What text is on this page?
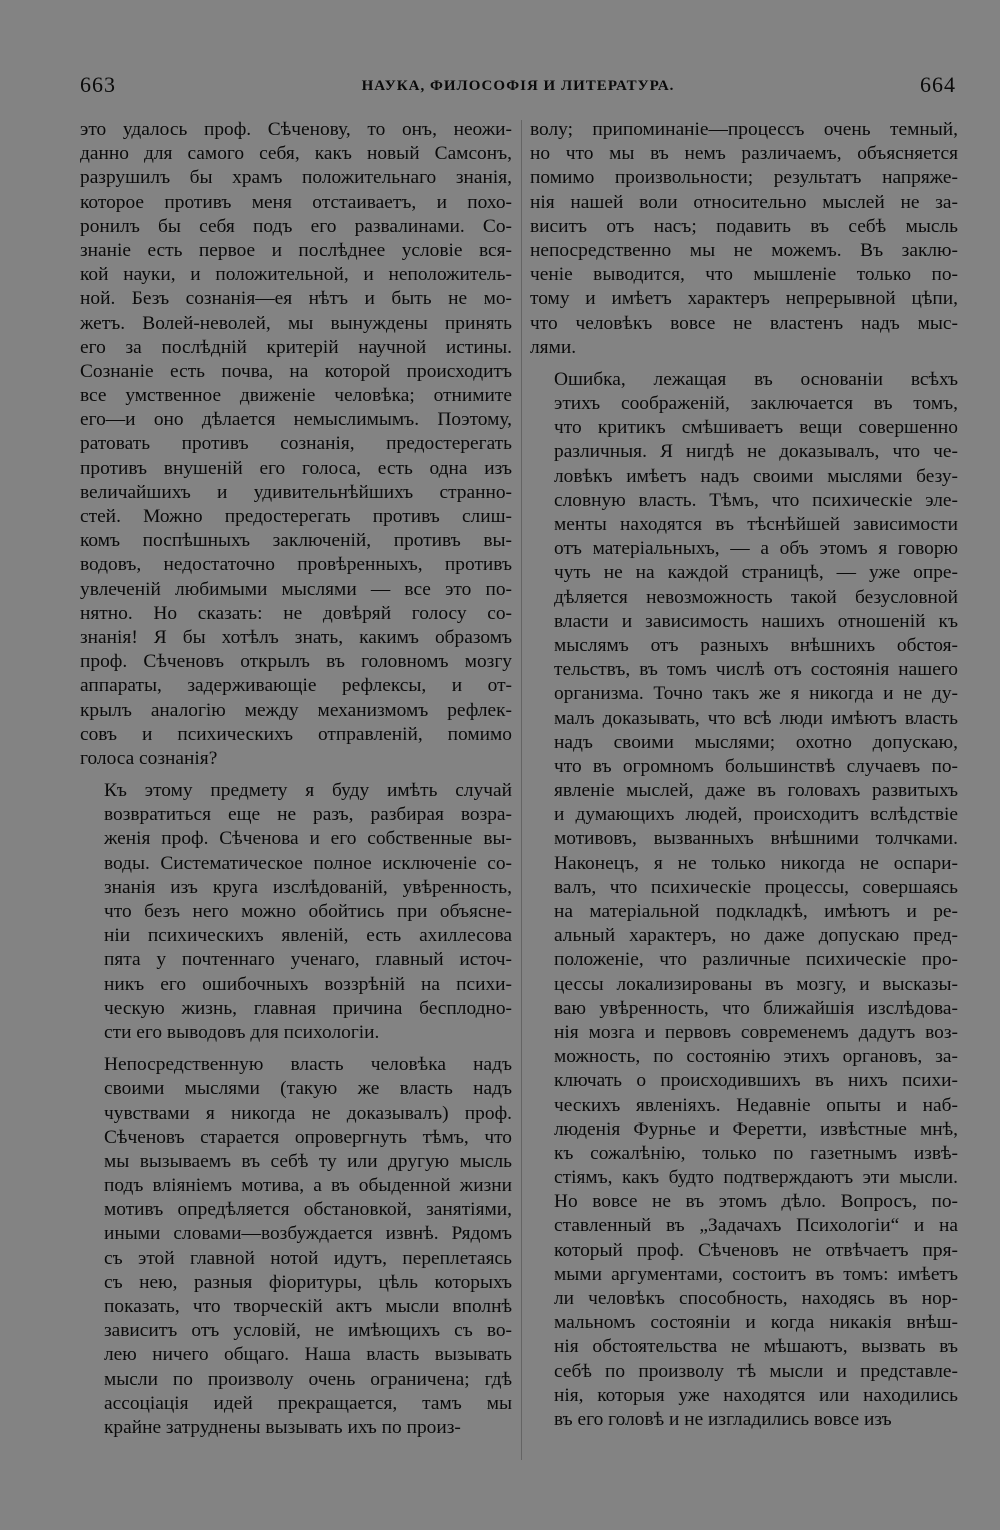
663	НАУКА, ФИЛОСОФІЯ И ЛИТЕРАТУРА.	664

это удалось проф. Сѣченову, то онъ, неожи-
данно для самого себя, какъ новый Самсонъ,
разрушилъ бы храмъ положительнаго знанія,
которое противъ меня отстаиваетъ, и похо-
ронилъ бы себя подъ его развалинами. Со-
знаніе есть первое и послѣднее условіе вся-
кой науки, и положительной, и неположитель-
ной. Безъ сознанія—ея нѣтъ и быть не мо-
жетъ. Волей-неволей, мы вынуждены принять
его за послѣдній критерій научной истины.
Сознаніе есть почва, на которой происходитъ
все умственное движеніе человѣка; отнимите
его—и оно дѣлается немыслимымъ. Поэтому,
ратовать противъ сознанія, предостерегать
противъ внушеній его голоса, есть одна изъ
величайшихъ и удивительнѣйшихъ странно-
стей. Можно предостерегать противъ слиш-
комъ поспѣшныхъ заключеній, противъ вы-
водовъ, недостаточно провѣренныхъ, противъ
увлеченій любимыми мыслями — все это по-
нятно. Но сказать: не довѣряй голосу со-
знанія! Я бы хотѣлъ знать, какимъ образомъ
проф. Сѣченовъ открылъ въ головномъ мозгу
аппараты, задерживающіе рефлексы, и от-
крылъ аналогію между механизмомъ рефлек-
совъ и психическихъ отправленій, помимо
голоса сознанія?

Къ этому предмету я буду имѣть случай
возвратиться еще не разъ, разбирая возра-
женія проф. Сѣченова и его собственные вы-
воды. Систематическое полное исключеніе со-
знанія изъ круга изслѣдованій, увѣренность,
что безъ него можно обойтись при объясне-
ніи психическихъ явленій, есть ахиллесова
пята у почтеннаго ученаго, главный источ-
никъ его ошибочныхъ воззрѣній на психи-
ческую жизнь, главная причина бесплодно-
сти его выводовъ для психологіи.

Непосредственную власть человѣка надъ
своими мыслями (такую же власть надъ
чувствами я никогда не доказывалъ) проф.
Сѣченовъ старается опровергнуть тѣмъ, что
мы вызываемъ въ себѣ ту или другую мысль
подъ вліяніемъ мотива, а въ обыденной жизни
мотивъ опредѣляется обстановкой, занятіями,
иными словами—возбуждается извнѣ. Рядомъ
съ этой главной нотой идутъ, переплетаясь
съ нею, разныя фіоритуры, цѣль которыхъ
показать, что творческій актъ мысли вполнѣ
зависитъ отъ условій, не имѣющихъ съ во-
лею ничего общаго. Наша власть вызывать
мысли по произволу очень ограничена; гдѣ
ассоціація идей прекращается, тамъ мы
крайне затруднены вызывать ихъ по произ-

волу; припоминаніе—процессъ очень темный,
но что мы въ немъ различаемъ, объясняется
помимо произвольности; результатъ напряже-
нія нашей воли относительно мыслей не за-
виситъ отъ насъ; подавить въ себѣ мысль
непосредственно мы не можемъ. Въ заклю-
ченіе выводится, что мышленіе только по-
тому и имѣетъ характеръ непрерывной цѣпи,
что человѣкъ вовсе не властенъ надъ мыс-
лями.

Ошибка, лежащая въ основаніи всѣхъ
этихъ соображеній, заключается въ томъ,
что критикъ смѣшиваетъ вещи совершенно
различныя. Я нигдѣ не доказывалъ, что че-
ловѣкъ имѣетъ надъ своими мыслями безу-
словную власть. Тѣмъ, что психическіе эле-
менты находятся въ тѣснѣйшей зависимости
отъ матеріальныхъ, — а объ этомъ я говорю
чуть не на каждой страницѣ, — уже опре-
дѣляется невозможность такой безусловной
власти и зависимость нашихъ отношеній къ
мыслямъ отъ разныхъ внѣшнихъ обстоя-
тельствъ, въ томъ числѣ отъ состоянія нашего
организма. Точно такъ же я никогда и не ду-
малъ доказывать, что всѣ люди имѣютъ власть
надъ своими мыслями; охотно допускаю,
что въ огромномъ большинствѣ случаевъ по-
явленіе мыслей, даже въ головахъ развитыхъ
и думающихъ людей, происходитъ вслѣдствіе
мотивовъ, вызванныхъ внѣшними толчками.
Наконецъ, я не только никогда не оспари-
валъ, что психическіе процессы, совершаясь
на матеріальной подкладкѣ, имѣютъ и ре-
альный характеръ, но даже допускаю пред-
положеніе, что различные психическіе про-
цессы локализированы въ мозгу, и высказы-
ваю увѣренность, что ближайшія изслѣдова-
нія мозга и первовъ современемъ дадутъ воз-
можность, по состоянію этихъ органовъ, за-
ключать о происходившихъ въ нихъ психи-
ческихъ явленіяхъ. Недавніе опыты и наб-
люденія Фурнье и Феретти, извѣстные мнѣ,
къ сожалѣнію, только по газетнымъ извѣ-
стіямъ, какъ будто подтверждаютъ эти мысли.
Но вовсе не въ этомъ дѣло. Вопросъ, по-
ставленный въ „Задачахъ Психологіи“ и на
который проф. Сѣченовъ не отвѣчаетъ пря-
мыми аргументами, состоитъ въ томъ: имѣетъ
ли человѣкъ способность, находясь въ нор-
мальномъ состояніи и когда никакія внѣш-
нія обстоятельства не мѣшаютъ, вызвать въ
себѣ по произволу тѣ мысли и представле-
нія, которыя уже находятся или находились
въ его головѣ и не изгладились вовсе изъ
